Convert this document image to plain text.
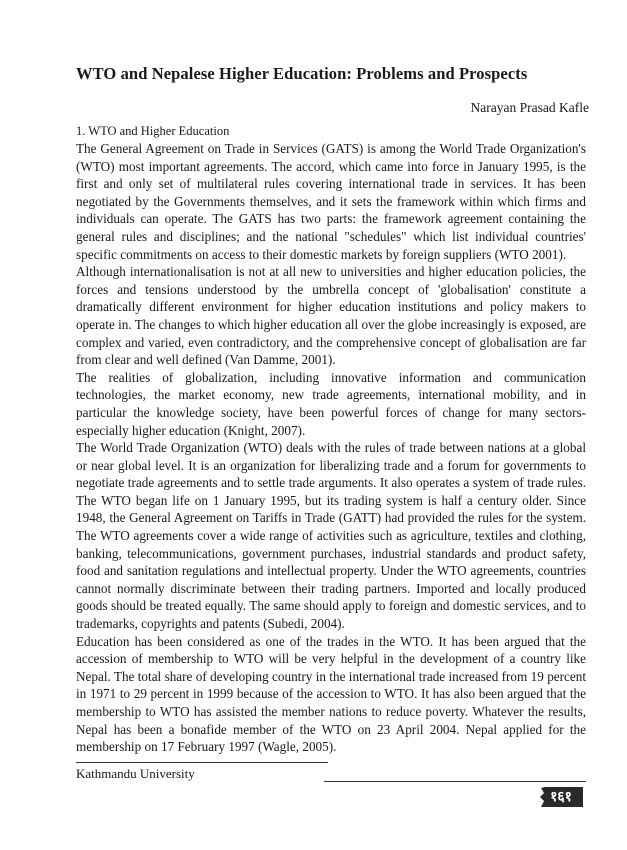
WTO and Nepalese Higher Education: Problems and Prospects
Narayan Prasad Kafle
1. WTO and Higher Education

The General Agreement on Trade in Services (GATS) is among the World Trade Organization's (WTO) most important agreements. The accord, which came into force in January 1995, is the first and only set of multilateral rules covering international trade in services. It has been negotiated by the Governments themselves, and it sets the framework within which firms and individuals can operate. The GATS has two parts: the framework agreement containing the general rules and disciplines; and the national "schedules" which list individual countries' specific commitments on access to their domestic markets by foreign suppliers (WTO 2001).

Although internationalisation is not at all new to universities and higher education policies, the forces and tensions understood by the umbrella concept of 'globalisation' constitute a dramatically different environment for higher education institutions and policy makers to operate in. The changes to which higher education all over the globe increasingly is exposed, are complex and varied, even contradictory, and the comprehensive concept of globalisation are far from clear and well defined (Van Damme, 2001).

The realities of globalization, including innovative information and communication technologies, the market economy, new trade agreements, international mobility, and in particular the knowledge society, have been powerful forces of change for many sectors-especially higher education (Knight, 2007).

The World Trade Organization (WTO) deals with the rules of trade between nations at a global or near global level. It is an organization for liberalizing trade and a forum for governments to negotiate trade agreements and to settle trade arguments. It also operates a system of trade rules. The WTO began life on 1 January 1995, but its trading system is half a century older. Since 1948, the General Agreement on Tariffs in Trade (GATT) had provided the rules for the system. The WTO agreements cover a wide range of activities such as agriculture, textiles and clothing, banking, telecommunications, government purchases, industrial standards and product safety, food and sanitation regulations and intellectual property. Under the WTO agreements, countries cannot normally discriminate between their trading partners. Imported and locally produced goods should be treated equally. The same should apply to foreign and domestic services, and to trademarks, copyrights and patents (Subedi, 2004).

Education has been considered as one of the trades in the WTO. It has been argued that the accession of membership to WTO will be very helpful in the development of a country like Nepal. The total share of developing country in the international trade increased from 19 percent in 1971 to 29 percent in 1999 because of the accession to WTO. It has also been argued that the membership to WTO has assisted the member nations to reduce poverty. Whatever the results, Nepal has been a bonafide member of the WTO on 23 April 2004. Nepal applied for the membership on 17 February 1997 (Wagle, 2005).

Kathmandu University
१६१
